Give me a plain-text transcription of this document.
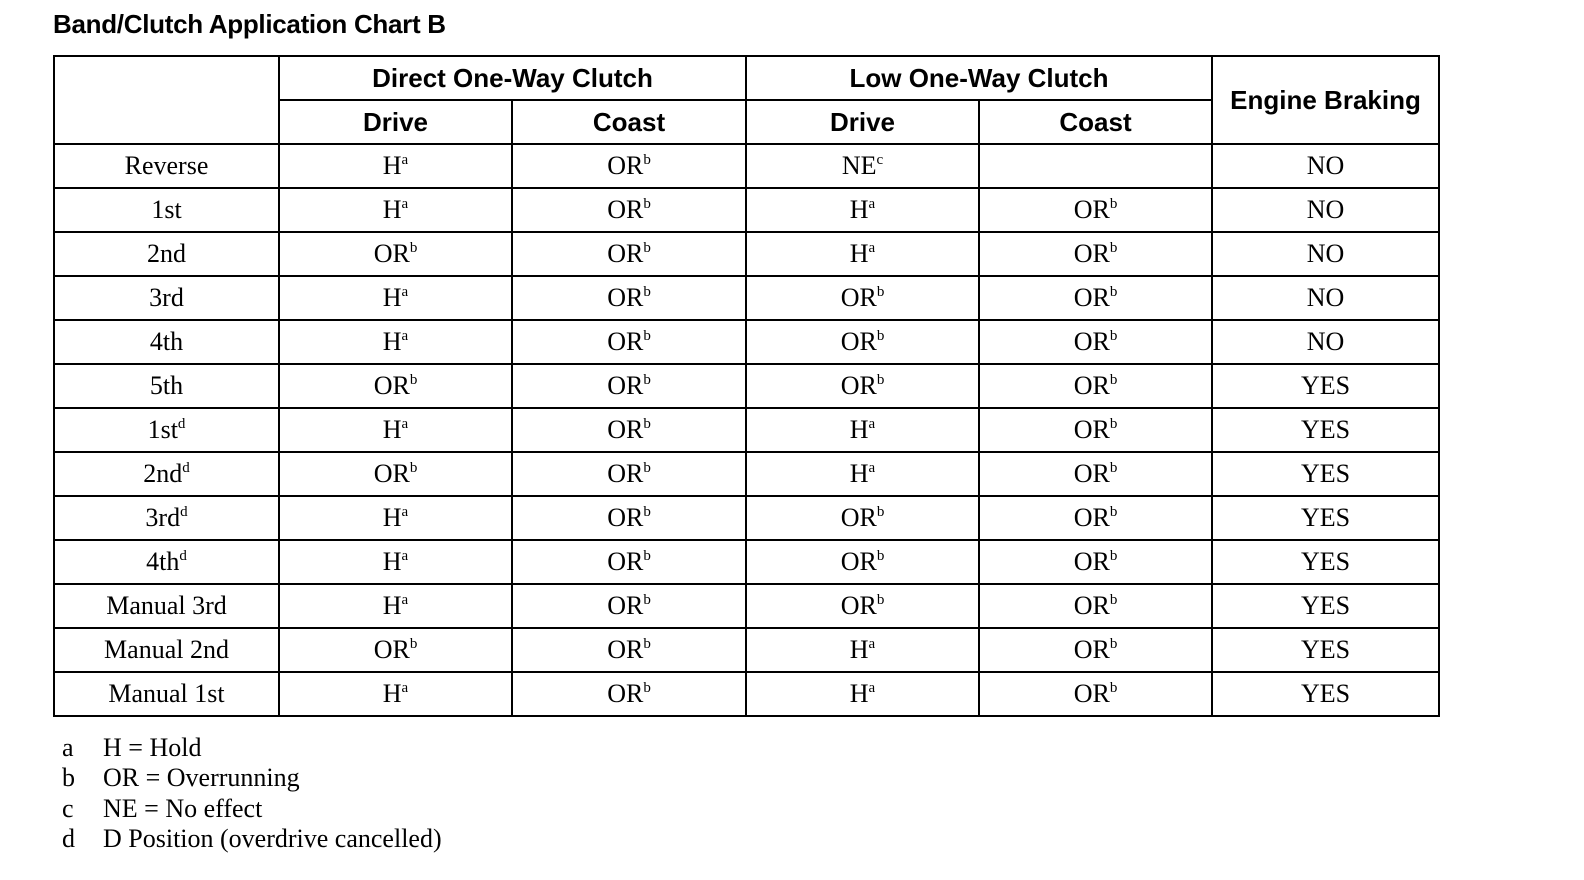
Band/Clutch Application Chart B
	Direct One-Way Clutch		Low One-Way Clutch		Engine Braking
	Drive	Coast	Drive	Coast	
Reverse	$H^a$	$OR^b$	$NE^c$		NO
1st	$H^a$	$OR^b$	$H^a$	$OR^b$	NO
2nd	$OR^b$	$OR^b$	$H^a$	$OR^b$	NO
3rd	$H^a$	$OR^b$	$OR^b$	$OR^b$	NO
4th	$H^a$	$OR^b$	$OR^b$	$OR^b$	NO
5th	$OR^b$	$OR^b$	$OR^b$	$OR^b$	YES
$1st^d$	$H^a$	$OR^b$	$H^a$	$OR^b$	YES
$2nd^d$	$OR^b$	$OR^b$	$H^a$	$OR^b$	YES
$3rd^d$	$H^a$	$OR^b$	$OR^b$	$OR^b$	YES
$4th^d$	$H^a$	$OR^b$	$OR^b$	$OR^b$	YES
Manual 3rd	$H^a$	$OR^b$	$OR^b$	$OR^b$	YES
Manual 2nd	$OR^b$	$OR^b$	$H^a$	$OR^b$	YES
Manual 1st	$H^a$	$OR^b$	$H^a$	$OR^b$	YES
a H = Hold
b OR = Overrunning
c NE = No effect
d D Position (overdrive cancelled)
